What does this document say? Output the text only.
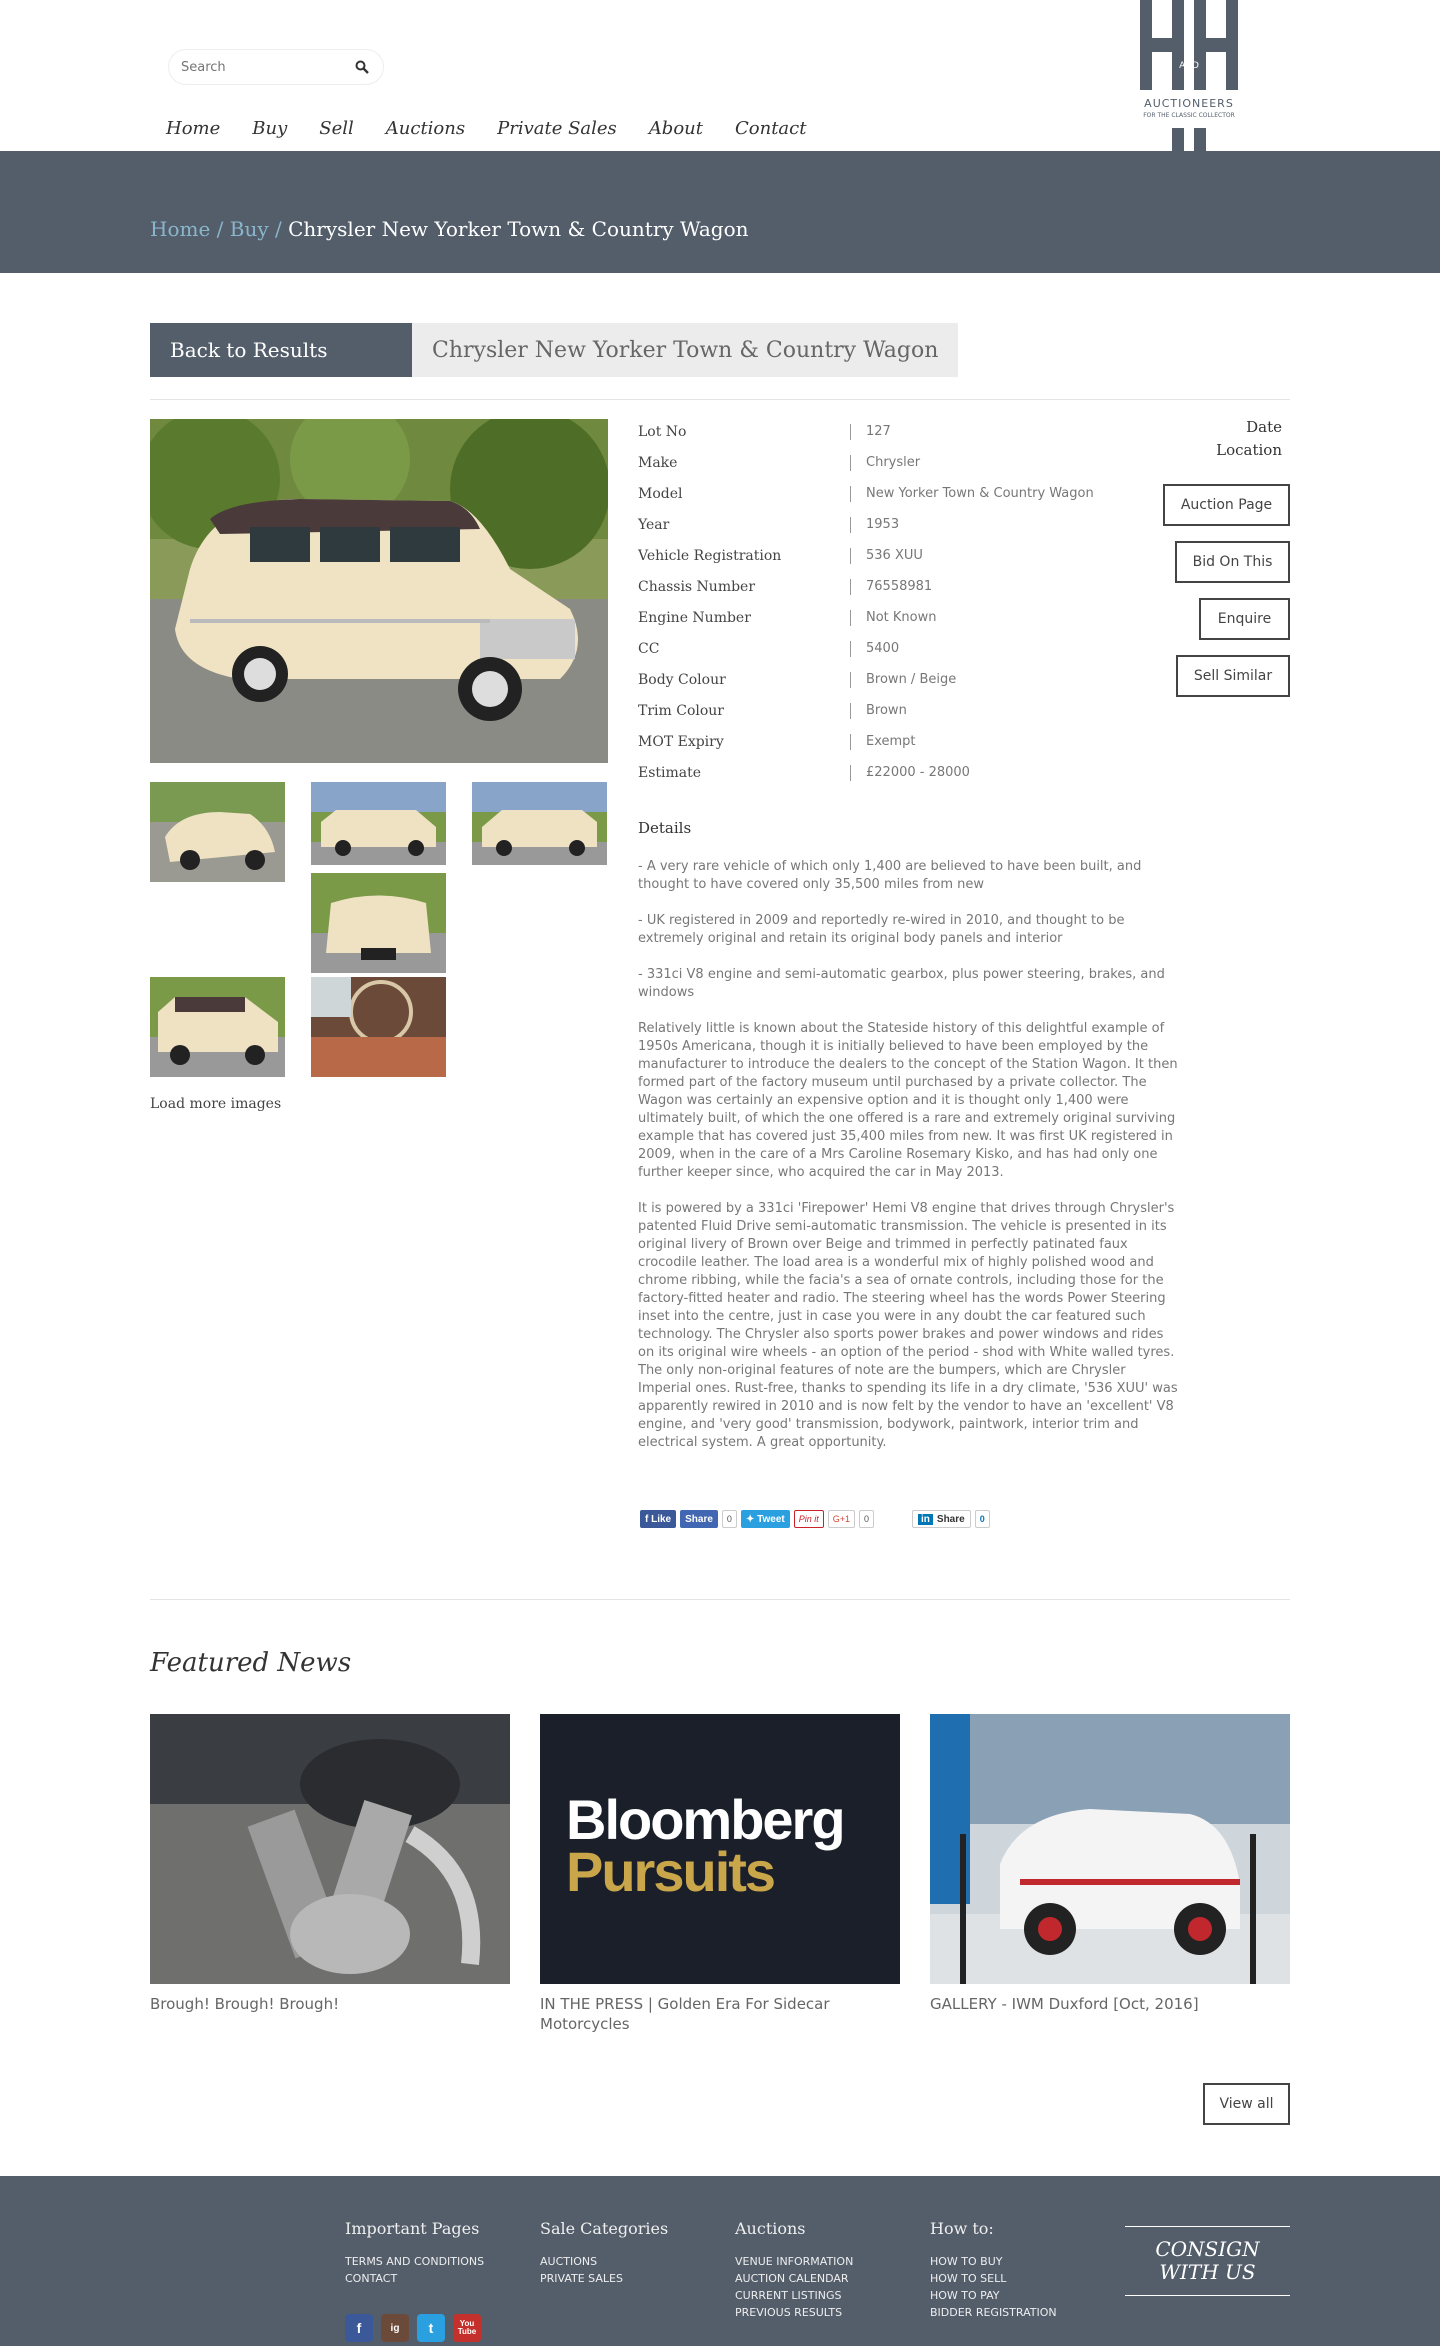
Search
Home	Buy	Sell	Auctions	Private Sales	About	Contact
AND
AUCTIONEERS
FOR THE CLASSIC COLLECTOR
Home / Buy / Chrysler New Yorker Town & Country Wagon
Back to Results	Chrysler New Yorker Town & Country Wagon
Load more images
Lot No	127
Make	Chrysler
Model	New Yorker Town & Country Wagon
Year	1953
Vehicle Registration	536 XUU
Chassis Number	76558981
Engine Number	Not Known
CC	5400
Body Colour	Brown / Beige
Trim Colour	Brown
MOT Expiry	Exempt
Estimate	£22000 - 28000
Date
Location
Auction Page
Bid On This
Enquire
Sell Similar
Details

- A very rare vehicle of which only 1,400 are believed to have been built, and thought to have covered only 35,500 miles from new

- UK registered in 2009 and reportedly re-wired in 2010, and thought to be extremely original and retain its original body panels and interior

- 331ci V8 engine and semi-automatic gearbox, plus power steering, brakes, and windows

Relatively little is known about the Stateside history of this delightful example of 1950s Americana, though it is initially believed to have been employed by the manufacturer to introduce the dealers to the concept of the Station Wagon. It then formed part of the factory museum until purchased by a private collector. The Wagon was certainly an expensive option and it is thought only 1,400 were ultimately built, of which the one offered is a rare and extremely original surviving example that has covered just 35,400 miles from new. It was first UK registered in 2009, when in the care of a Mrs Caroline Rosemary Kisko, and has had only one further keeper since, who acquired the car in May 2013.

It is powered by a 331ci 'Firepower' Hemi V8 engine that drives through Chrysler's patented Fluid Drive semi-automatic transmission. The vehicle is presented in its original livery of Brown over Beige and trimmed in perfectly patinated faux crocodile leather. The load area is a wonderful mix of highly polished wood and chrome ribbing, while the facia's a sea of ornate controls, including those for the factory-fitted heater and radio. The steering wheel has the words Power Steering inset into the centre, just in case you were in any doubt the car featured such technology. The Chrysler also sports power brakes and power windows and rides on its original wire wheels - an option of the period - shod with White walled tyres. The only non-original features of note are the bumpers, which are Chrysler Imperial ones. Rust-free, thanks to spending its life in a dry climate, '536 XUU' was apparently rewired in 2010 and is now felt by the vendor to have an 'excellent' V8 engine, and 'very good' transmission, bodywork, paintwork, interior trim and electrical system. A great opportunity.

f Like	Share	0	✦ Tweet	Pin it	G+1	0	in Share	0
Featured News
Brough! Brough! Brough!
Bloomberg
Pursuits
IN THE PRESS | Golden Era For Sidecar Motorcycles
GALLERY - IWM Duxford [Oct, 2016]
View all
Important Pages
TERMS AND CONDITIONS
CONTACT
Sale Categories
AUCTIONS
PRIVATE SALES
Auctions
VENUE INFORMATION
AUCTION CALENDAR
CURRENT LISTINGS
PREVIOUS RESULTS
How to:
HOW TO BUY
HOW TO SELL
HOW TO PAY
BIDDER REGISTRATION
CONSIGN
WITH US
f	ig	t	You Tube
